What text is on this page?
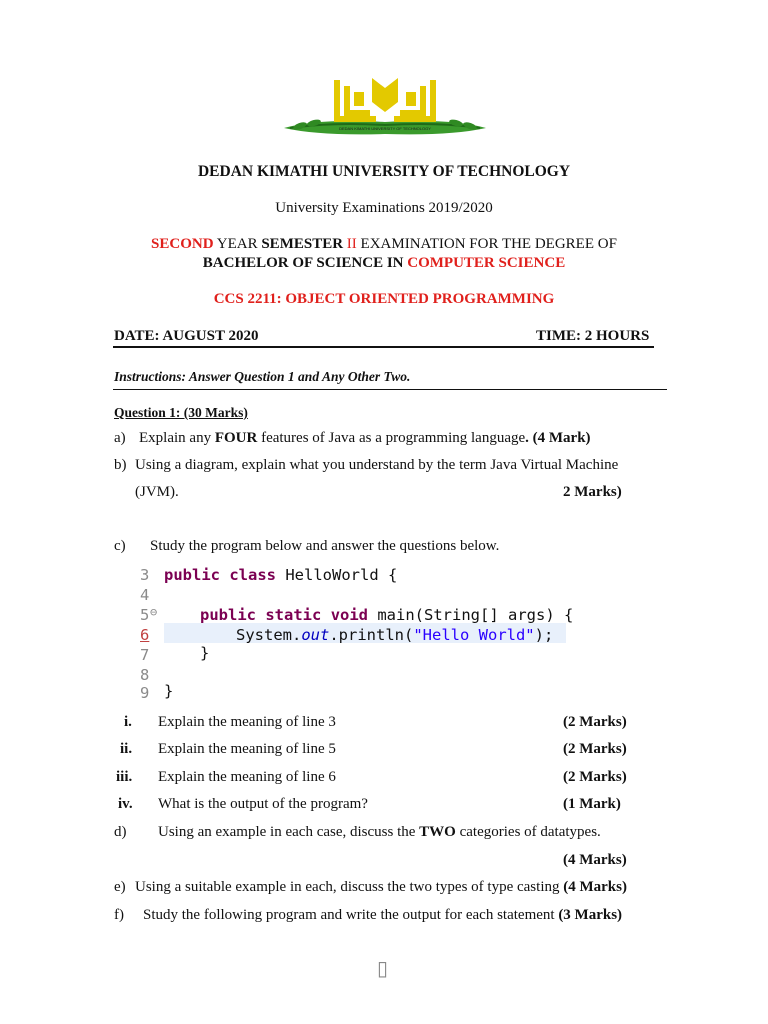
DEDAN KIMATHI UNIVERSITY OF TECHNOLOGY
DEDAN KIMATHI UNIVERSITY OF TECHNOLOGY
University Examinations 2019/2020
SECOND YEAR SEMESTER II EXAMINATION FOR THE DEGREE OF
BACHELOR OF SCIENCE IN COMPUTER SCIENCE
CCS 2211: OBJECT ORIENTED PROGRAMMING
DATE: AUGUST 2020	TIME: 2 HOURS
Instructions: Answer Question 1 and Any Other Two.
Question 1: (30 Marks)
a) Explain any FOUR features of Java as a programming language. (4 Mark)
b) Using a diagram, explain what you understand by the term Java Virtual Machine
(JVM).	2 Marks)
c) Study the program below and answer the questions below.
3 public class HelloWorld {
4
5 ⊖	public static void main(String[] args) {
6	System.out.println("Hello World");
7	}
8
9 }
i. Explain the meaning of line 3	(2 Marks)
ii. Explain the meaning of line 5	(2 Marks)
iii. Explain the meaning of line 6	(2 Marks)
iv. What is the output of the program?	(1 Mark)
d) Using an example in each case, discuss the TWO categories of datatypes.
(4 Marks)
e) Using a suitable example in each, discuss the two types of type casting (4 Marks)
f) Study the following program and write the output for each statement (3 Marks)
▯
